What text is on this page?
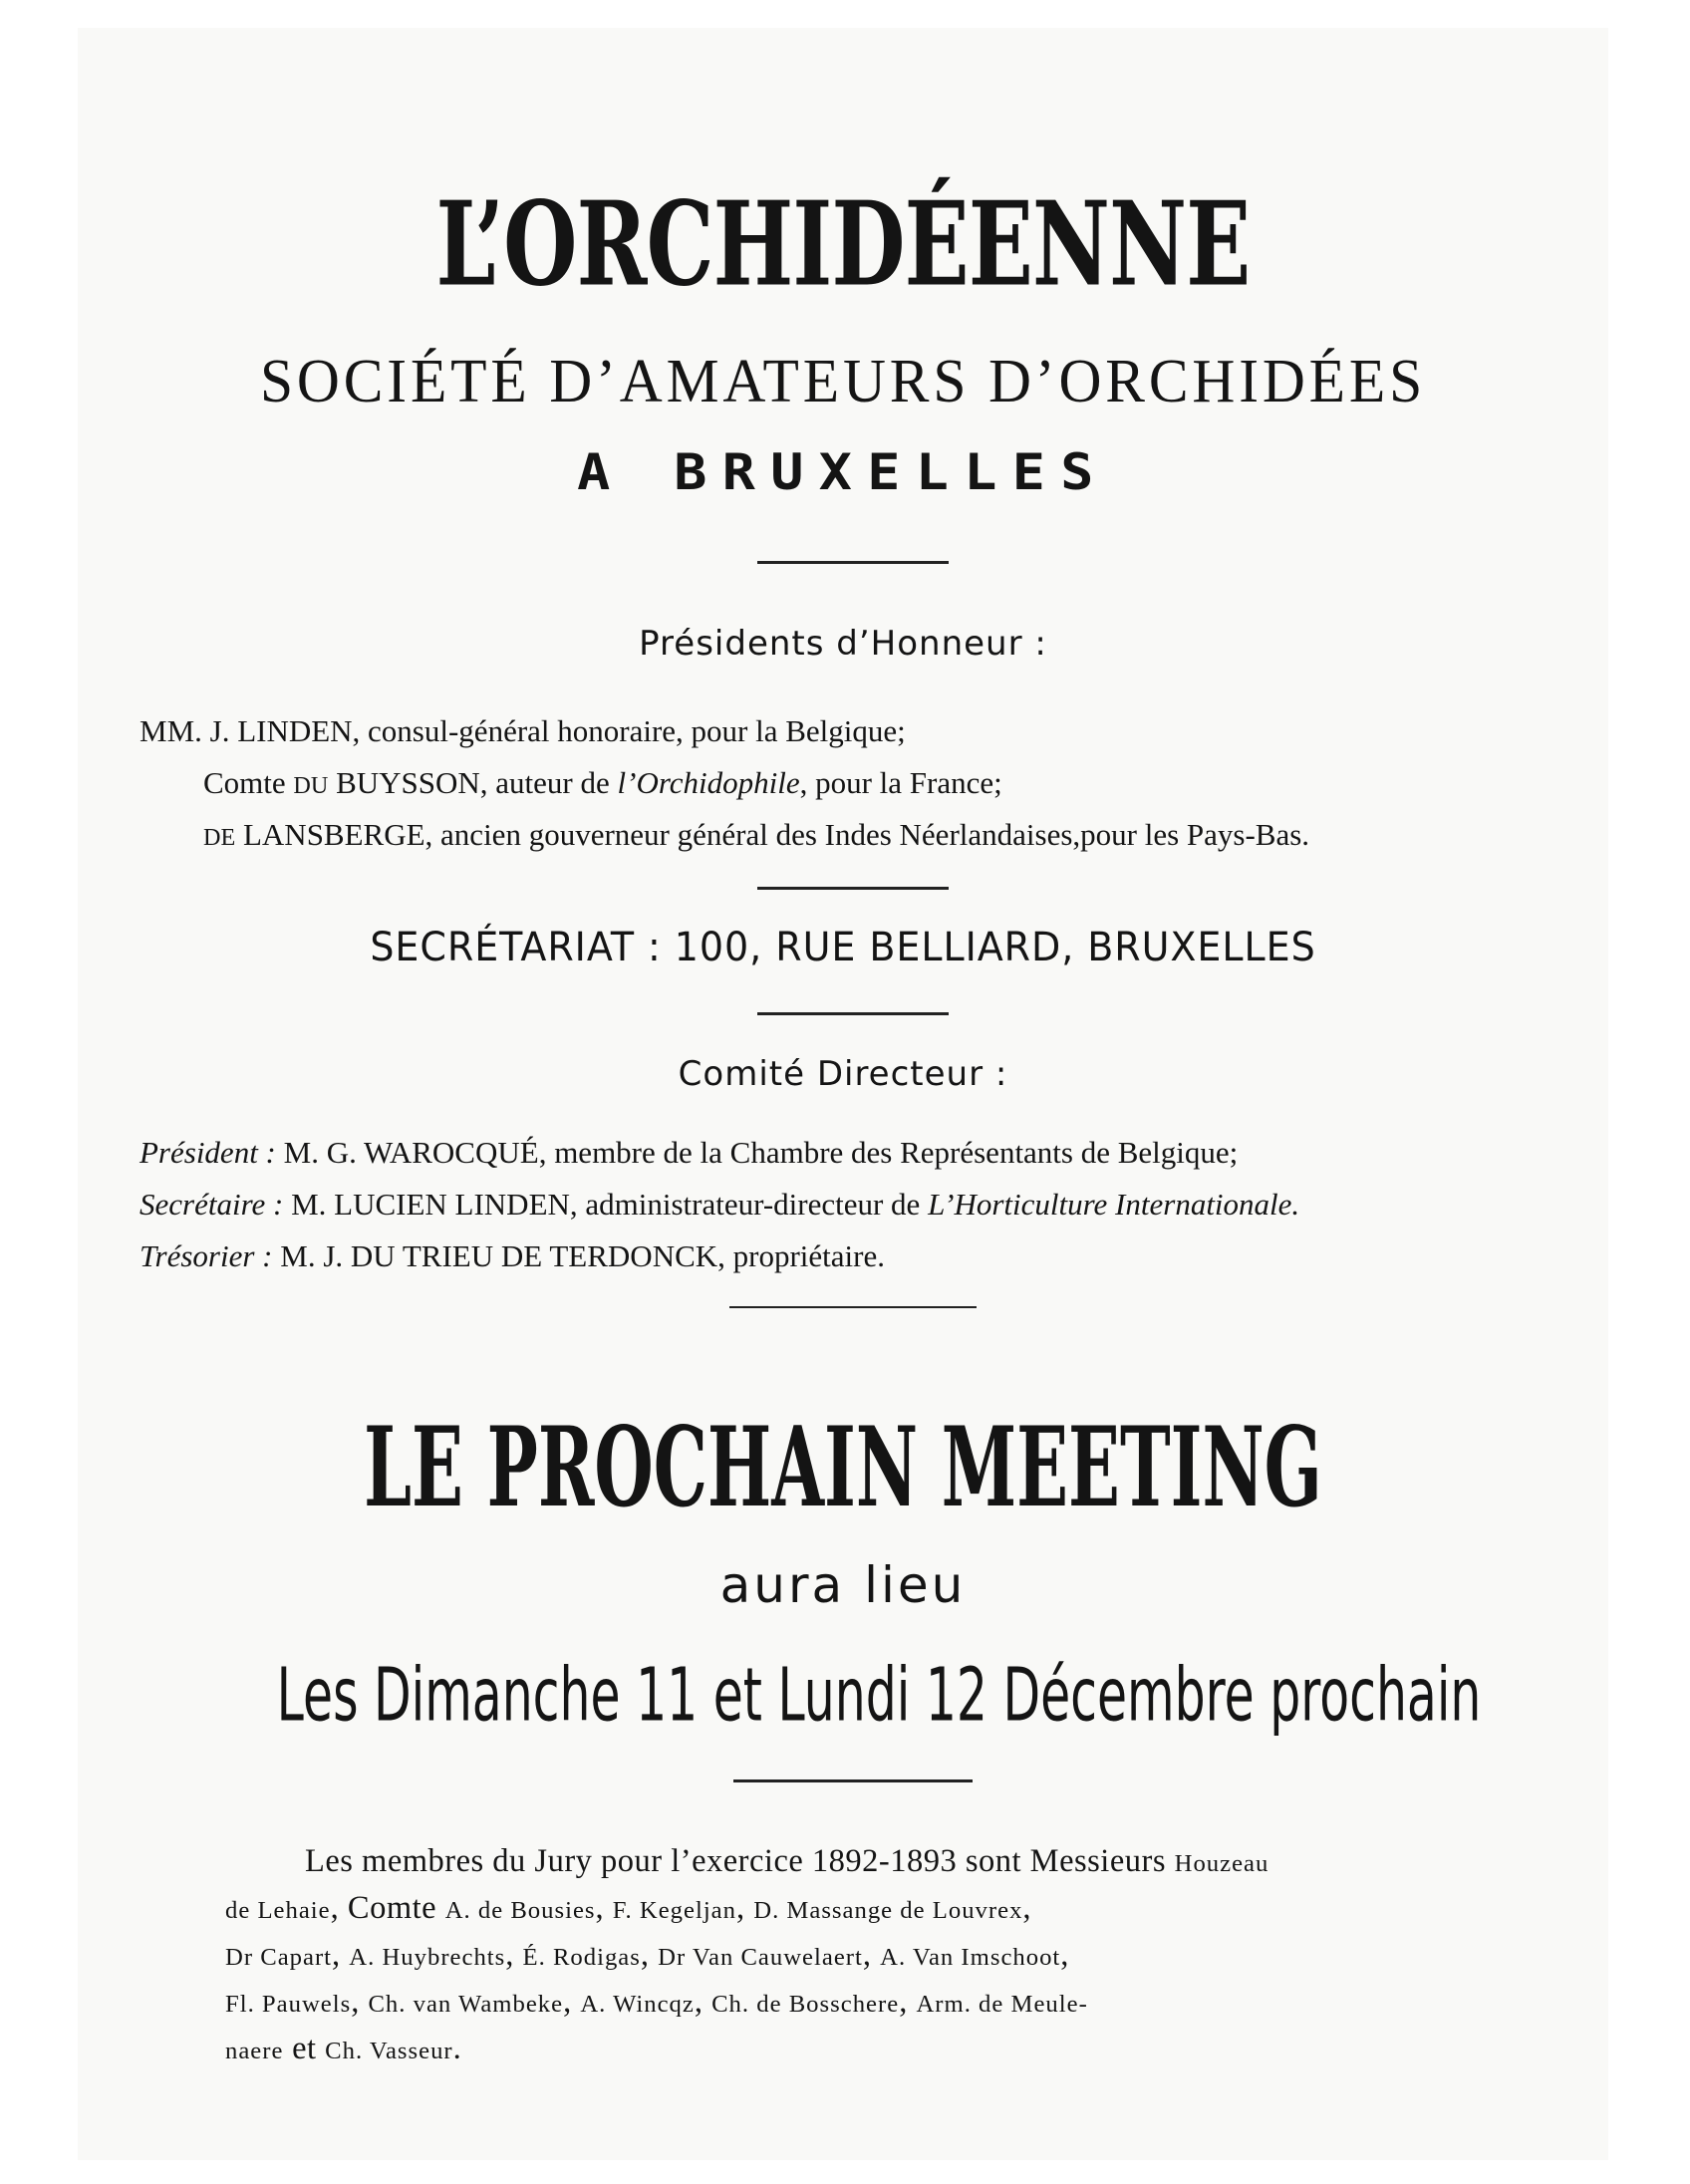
L’ORCHIDÉENNE
SOCIÉTÉ D’AMATEURS D’ORCHIDÉES
A BRUXELLES
Présidents d’Honneur :
MM. J. LINDEN, consul-général honoraire, pour la Belgique;
Comte DU BUYSSON, auteur de l’Orchidophile, pour la France;
DE LANSBERGE, ancien gouverneur général des Indes Néerlandaises,pour les Pays-Bas.
SECRÉTARIAT : 100, RUE BELLIARD, BRUXELLES
Comité Directeur :
Président : M. G. WAROCQUÉ, membre de la Chambre des Représentants de Belgique;
Secrétaire : M. LUCIEN LINDEN, administrateur-directeur de L’Horticulture Internationale.
Trésorier : M. J. DU TRIEU DE TERDONCK, propriétaire.
LE PROCHAIN MEETING
aura lieu
Les Dimanche 11 et Lundi 12 Décembre prochain

Les membres du Jury pour l’exercice 1892-1893 sont Messieurs Houzeau

de Lehaie, Comte A. de Bousies, F. Kegeljan, D. Massange de Louvrex,

Dr Capart, A. Huybrechts, É. Rodigas, Dr Van Cauwelaert, A. Van Imschoot,

Fl. Pauwels, Ch. van Wambeke, A. Wincqz, Ch. de Bosschere, Arm. de Meule-

naere et Ch. Vasseur.
